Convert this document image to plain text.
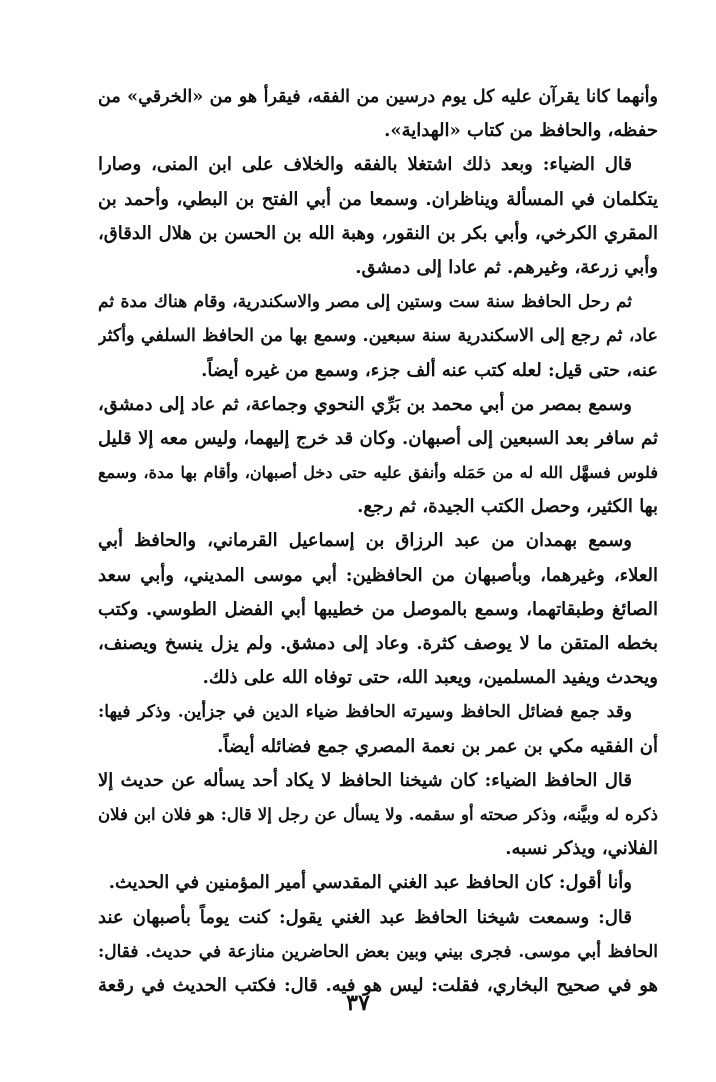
وأنهما كانا يقرآن عليه كل يوم درسين من الفقه، فيقرأ هو من «الخرقي» من
حفظه، والحافظ من كتاب «الهداية».
قال الضياء: وبعد ذلك اشتغلا بالفقه والخلاف على ابن المنى، وصارا
يتكلمان في المسألة ويناظران. وسمعا من أبي الفتح بن البطي، وأحمد بن
المقري الكرخي، وأبي بكر بن النقور، وهبة الله بن الحسن بن هلال الدقاق،
وأبي زرعة، وغيرهم. ثم عادا إلى دمشق.
ثم رحل الحافظ سنة ست وستين إلى مصر والاسكندرية، وقام هناك مدة ثم
عاد، ثم رجع إلى الاسكندرية سنة سبعين. وسمع بها من الحافظ السلفي وأكثر
عنه، حتى قيل: لعله كتب عنه ألف جزء، وسمع من غيره أيضاً.
وسمع بمصر من أبي محمد بن بَرِّي النحوي وجماعة، ثم عاد إلى دمشق،
ثم سافر بعد السبعين إلى أصبهان. وكان قد خرج إليهما، وليس معه إلا قليل
فلوس فسهَّل الله له من حَمَله وأنفق عليه حتى دخل أصبهان، وأقام بها مدة، وسمع
بها الكثير، وحصل الكتب الجيدة، ثم رجع.
وسمع بهمدان من عبد الرزاق بن إسماعيل القرماني، والحافظ أبي
العلاء، وغيرهما، وبأصبهان من الحافظين: أبي موسى المديني، وأبي سعد
الصائغ وطبقاتهما، وسمع بالموصل من خطيبها أبي الفضل الطوسي. وكتب
بخطه المتقن ما لا يوصف كثرة. وعاد إلى دمشق. ولم يزل ينسخ ويصنف،
ويحدث ويفيد المسلمين، ويعبد الله، حتى توفاه الله على ذلك.
وقد جمع فضائل الحافظ وسيرته الحافظ ضياء الدين في جزأين. وذكر فيها:
أن الفقيه مكي بن عمر بن نعمة المصري جمع فضائله أيضاً.
قال الحافظ الضياء: كان شيخنا الحافظ لا يكاد أحد يسأله عن حديث إلا
ذكره له وبيَّنه، وذكر صحته أو سقمه. ولا يسأل عن رجل إلا قال: هو فلان ابن فلان
الفلاني، ويذكر نسبه.
وأنا أقول: كان الحافظ عبد الغني المقدسي أمير المؤمنين في الحديث.
قال: وسمعت شيخنا الحافظ عبد الغني يقول: كنت يوماً بأصبهان عند
الحافظ أبي موسى. فجرى بيني وبين بعض الحاضرين منازعة في حديث. فقال:
هو في صحيح البخاري، فقلت: ليس هو فيه. قال: فكتب الحديث في رقعة
٣٧
